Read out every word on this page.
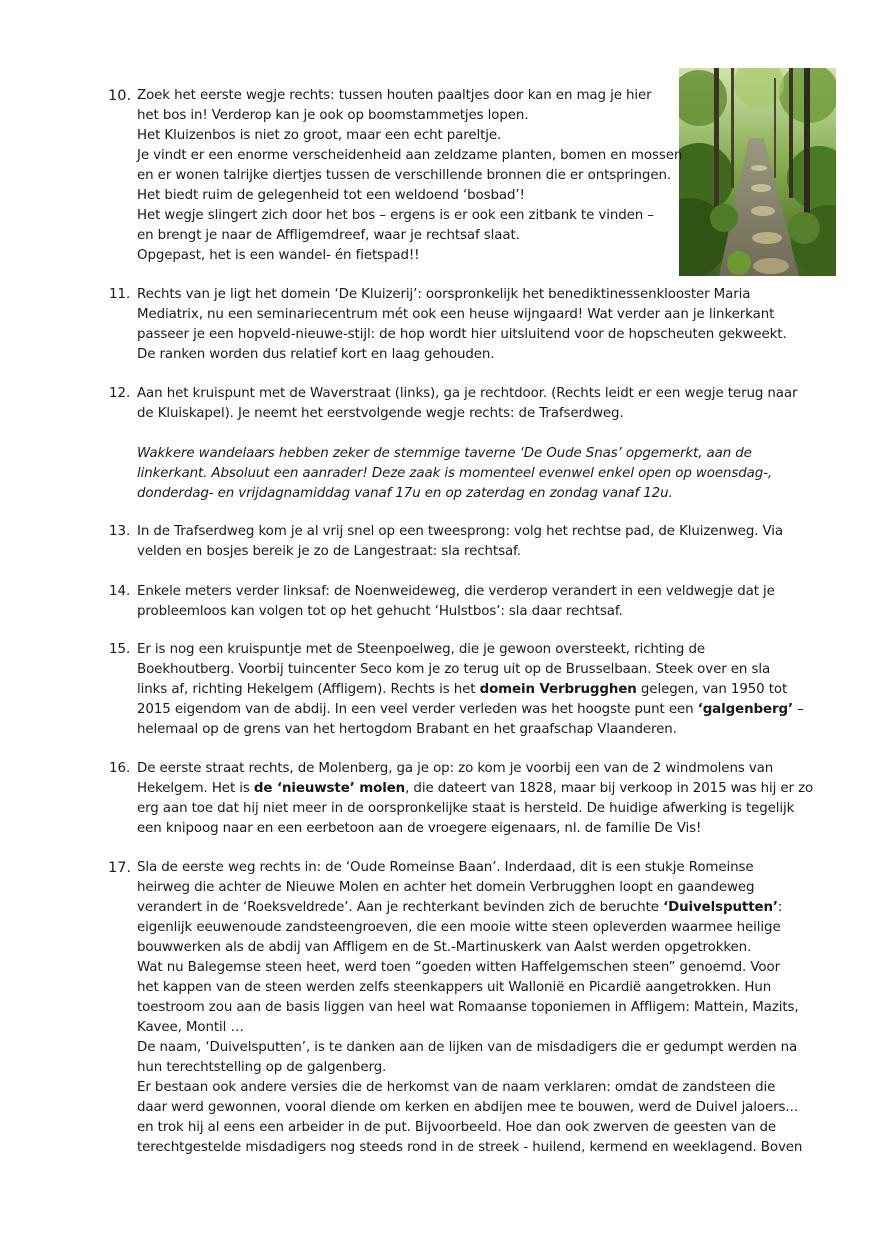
10. Zoek het eerste wegje rechts: tussen houten paaltjes door kan en mag je hier
het bos in! Verderop kan je ook op boomstammetjes lopen.
Het Kluizenbos is niet zo groot, maar een echt pareltje.
Je vindt er een enorme verscheidenheid aan zeldzame planten, bomen en mossen
en er wonen talrijke diertjes tussen de verschillende bronnen die er ontspringen.
Het biedt ruim de gelegenheid tot een weldoend ‘bosbad’!
Het wegje slingert zich door het bos – ergens is er ook een zitbank te vinden –
en brengt je naar de Affligemdreef, waar je rechtsaf slaat.
Opgepast, het is een wandel- én fietspad!!
11. Rechts van je ligt het domein ‘De Kluizerij’: oorspronkelijk het benediktinessenklooster Maria
Mediatrix, nu een seminariecentrum mét ook een heuse wijngaard! Wat verder aan je linkerkant
passeer je een hopveld-nieuwe-stijl: de hop wordt hier uitsluitend voor de hopscheuten gekweekt.
De ranken worden dus relatief kort en laag gehouden.
12. Aan het kruispunt met de Waverstraat (links), ga je rechtdoor. (Rechts leidt er een wegje terug naar
de Kluiskapel). Je neemt het eerstvolgende wegje rechts: de Trafserdweg.
Wakkere wandelaars hebben zeker de stemmige taverne ‘De Oude Snas’ opgemerkt, aan de
linkerkant. Absoluut een aanrader! Deze zaak is momenteel evenwel enkel open op woensdag-,
donderdag- en vrijdagnamiddag vanaf 17u en op zaterdag en zondag vanaf 12u.
13. In de Trafserdweg kom je al vrij snel op een tweesprong: volg het rechtse pad, de Kluizenweg. Via
velden en bosjes bereik je zo de Langestraat: sla rechtsaf.
14. Enkele meters verder linksaf: de Noenweideweg, die verderop verandert in een veldwegje dat je
probleemloos kan volgen tot op het gehucht ‘Hulstbos’: sla daar rechtsaf.
15. Er is nog een kruispuntje met de Steenpoelweg, die je gewoon oversteekt, richting de
Boekhoutberg. Voorbij tuincenter Seco kom je zo terug uit op de Brusselbaan. Steek over en sla
links af, richting Hekelgem (Affligem). Rechts is het domein Verbrugghen gelegen, van 1950 tot
2015 eigendom van de abdij. In een veel verder verleden was het hoogste punt een ‘galgenberg’ –
helemaal op de grens van het hertogdom Brabant en het graafschap Vlaanderen.
16. De eerste straat rechts, de Molenberg, ga je op: zo kom je voorbij een van de 2 windmolens van
Hekelgem. Het is de ‘nieuwste’ molen, die dateert van 1828, maar bij verkoop in 2015 was hij er zo
erg aan toe dat hij niet meer in de oorspronkelijke staat is hersteld. De huidige afwerking is tegelijk
een knipoog naar en een eerbetoon aan de vroegere eigenaars, nl. de familie De Vis!
17. Sla de eerste weg rechts in: de ‘Oude Romeinse Baan’. Inderdaad, dit is een stukje Romeinse
heirweg die achter de Nieuwe Molen en achter het domein Verbrugghen loopt en gaandeweg
verandert in de ‘Roeksveldrede’. Aan je rechterkant bevinden zich de beruchte ‘Duivelsputten’:
eigenlijk eeuwenoude zandsteengroeven, die een mooie witte steen opleverden waarmee heilige
bouwwerken als de abdij van Affligem en de St.-Martinuskerk van Aalst werden opgetrokken.
Wat nu Balegemse steen heet, werd toen “goeden witten Haffelgemschen steen” genoemd. Voor
het kappen van de steen werden zelfs steenkappers uit Wallonië en Picardië aangetrokken. Hun
toestroom zou aan de basis liggen van heel wat Romaanse toponiemen in Affligem: Mattein, Mazits,
Kavee, Montil …
De naam, ‘Duivelsputten’, is te danken aan de lijken van de misdadigers die er gedumpt werden na
hun terechtstelling op de galgenberg.
Er bestaan ook andere versies die de herkomst van de naam verklaren: omdat de zandsteen die
daar werd gewonnen, vooral diende om kerken en abdijen mee te bouwen, werd de Duivel jaloers...
en trok hij al eens een arbeider in de put. Bijvoorbeeld. Hoe dan ook zwerven de geesten van de
terechtgestelde misdadigers nog steeds rond in de streek - huilend, kermend en weeklagend. Boven
